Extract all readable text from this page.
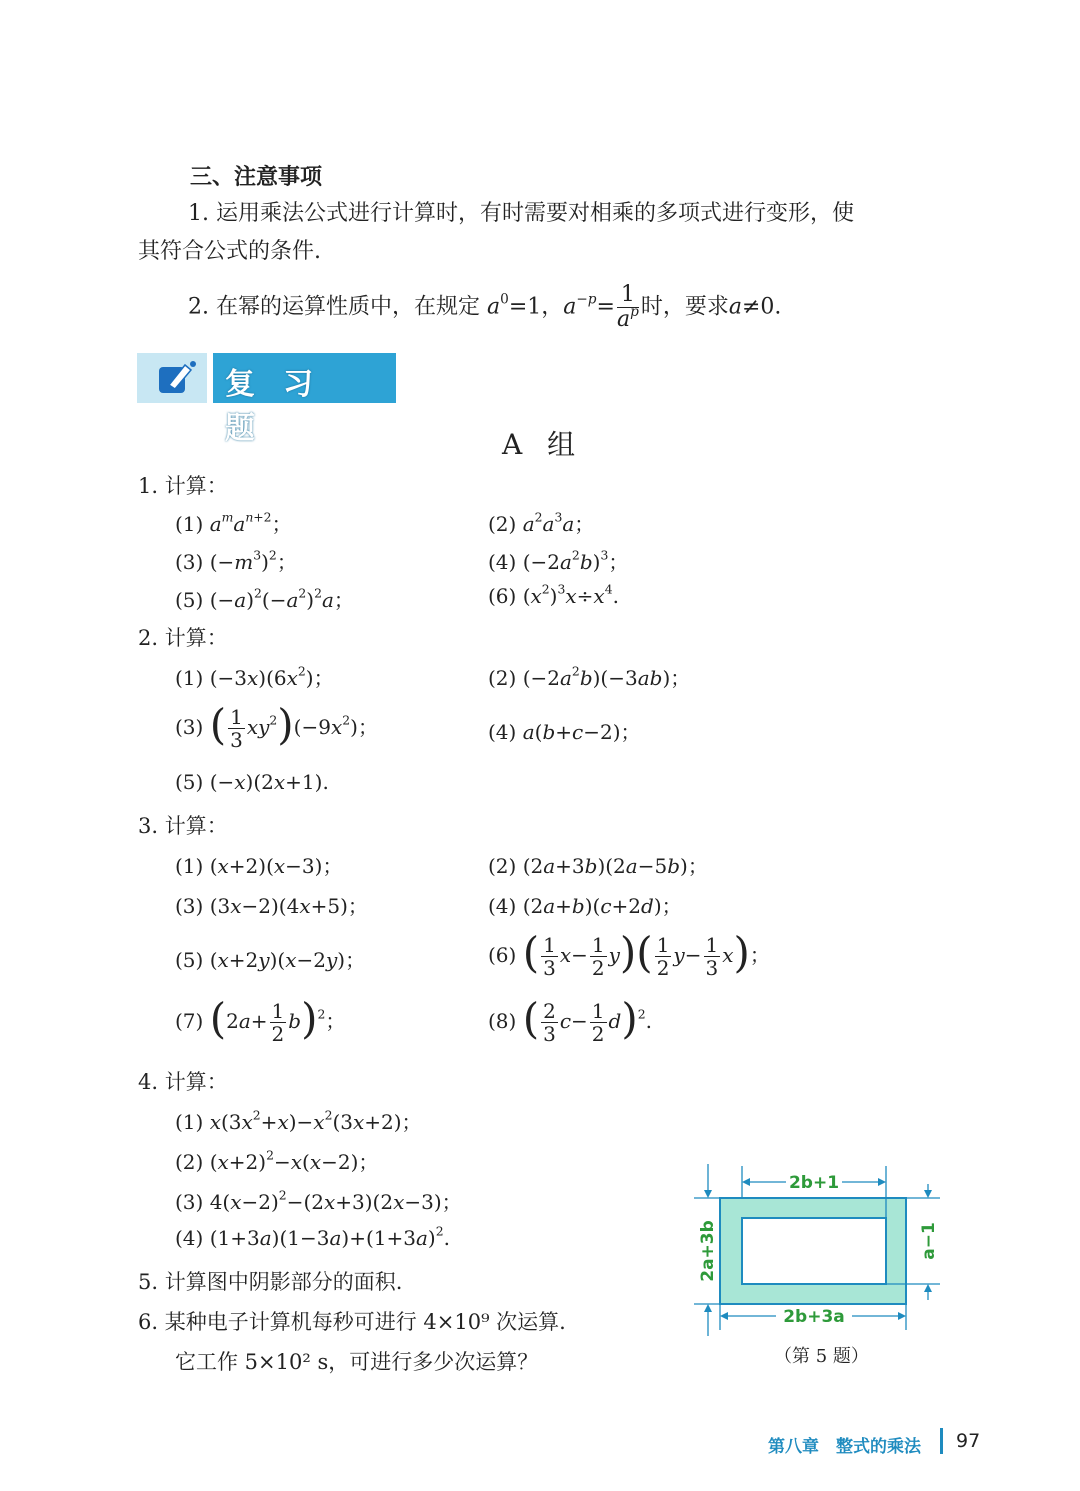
三、注意事项
1. 运用乘法公式进行计算时，有时需要对相乘的多项式进行变形，使
其符合公式的条件.
2. 在幂的运算性质中，在规定 $a^0=1$，$a^{-p}= \frac{1}{a^p}$ 时，要求a≠0.
复习题	A 组
1. 计算：
(1) $a^ma^{n+2}$；	(2) $a^2a^3a$；
(3) $(-m^3)^2$；	(4) $(-2a^2b)^3$；
(5) $(-a)^2(-a^2)^2a$；	(6) $(x^2)^3x\div x^4$.
2. 计算：
(1) $(-3x)(6x^2)$；	(2) $(-2a^2b)(-3ab)$；
(3) ( $\frac{1}{3} xy^2)(-9x^2)$；	(4) a(b+c−2)；
(5) (−x)(2x+1).
3. 计算：
(1) (x+2)(x−3)；	(2) (2a+3b)(2a−5b)；
(3) (3x−2)(4x+5)；	(4) (2a+b)(c+2d)；
(5) (x+2y)(x−2y)；	(6) ( $\frac{1}{3} x- \frac{1}{2} y)( \frac{1}{2} y- \frac{1}{3} x)$；
(7) $(2a+ \frac{1}{2} b)^2$；	(8) ( $\frac{2}{3} c- \frac{1}{2} d)^2$.
4. 计算：
(1) $x(3x^2+x)-x^2(3x+2)$；
(2) $(x+2)^2-x(x-2)$；
(3) $4(x-2)^2-(2x+3)(2x-3)$；
(4) $(1+3a)(1-3a)+(1+3a)^2$.
5. 计算图中阴影部分的面积.
6. 某种电子计算机每秒可进行 4×10⁹ 次运算.
它工作 5×10² s，可进行多少次运算？
2b+1
2a+3b	a−1
2b+3a
（第 5 题）
第八章　整式的乘法 97
